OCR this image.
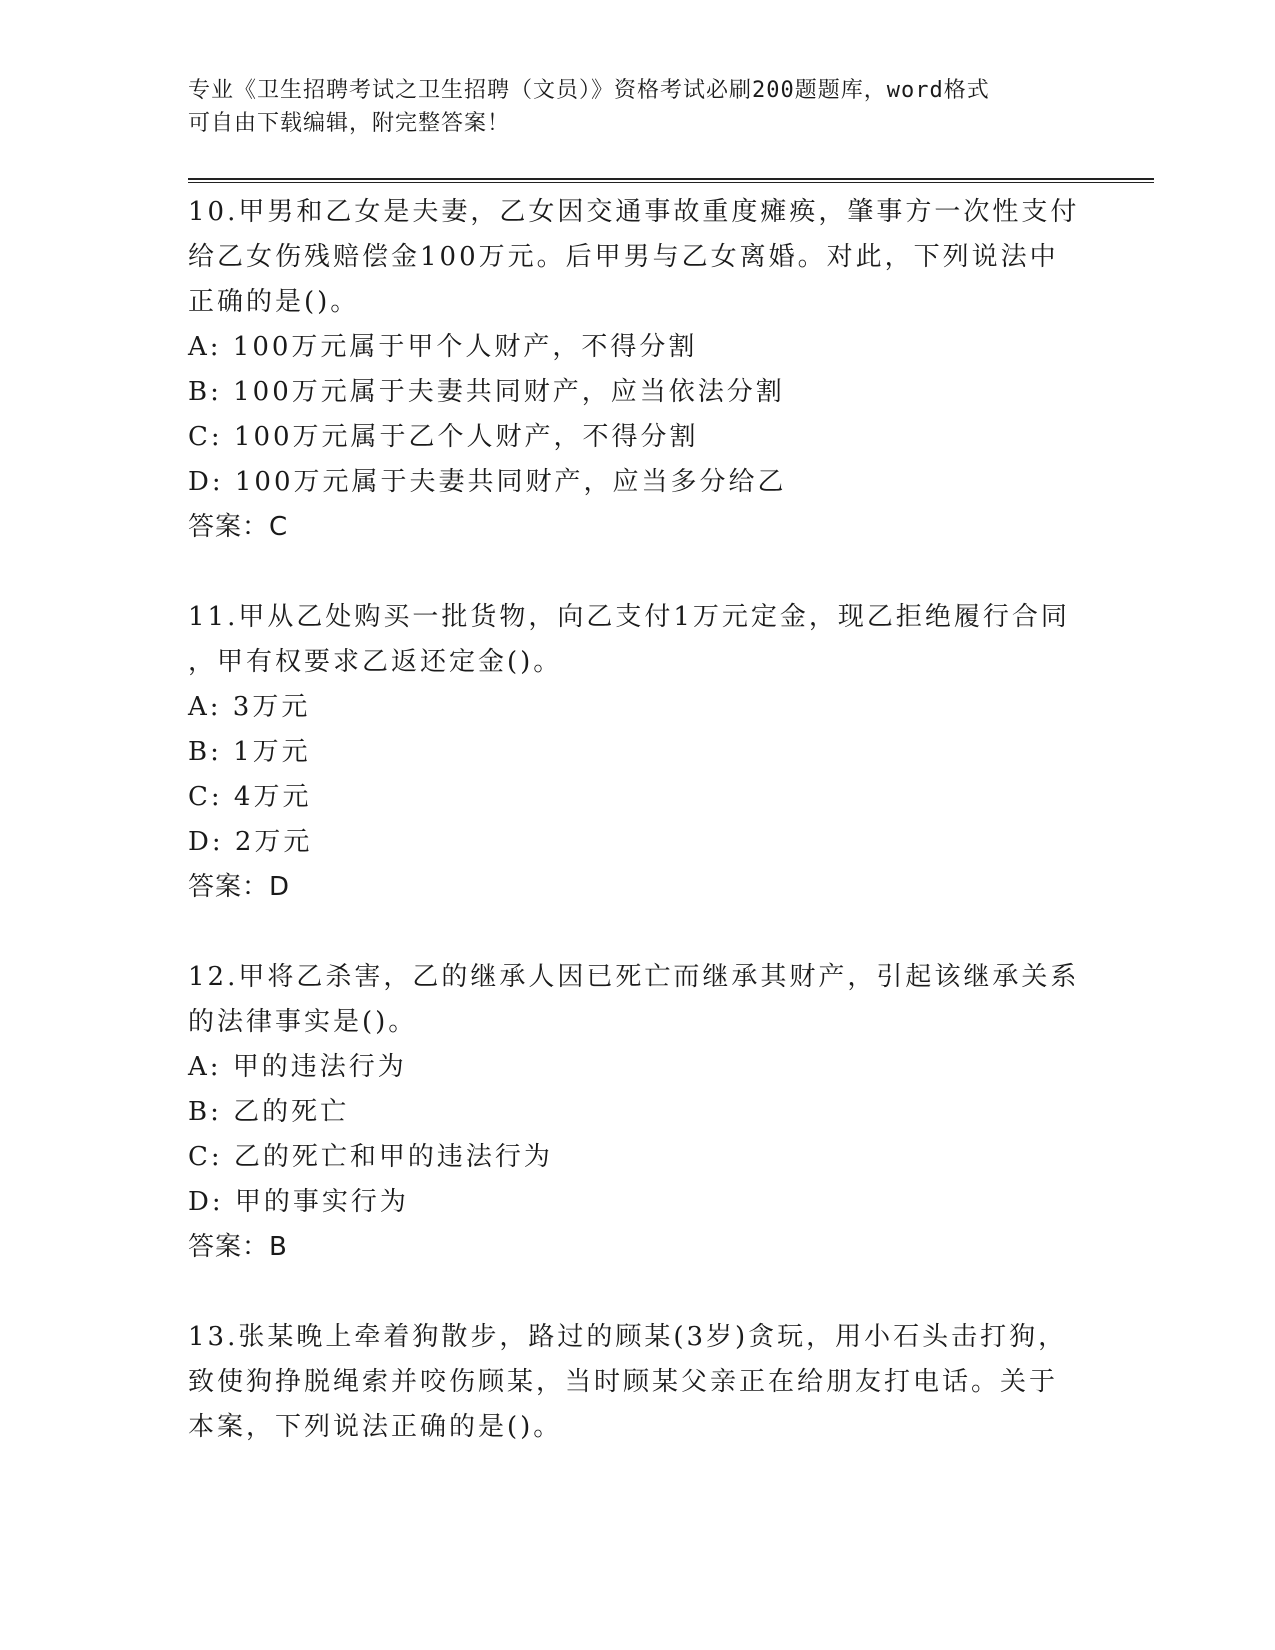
专业《卫生招聘考试之卫生招聘（文员）》资格考试必刷200题题库，word格式
可自由下载编辑，附完整答案！

10.甲男和乙女是夫妻，乙女因交通事故重度瘫痪，肇事方一次性支付

给乙女伤残赔偿金100万元。后甲男与乙女离婚。对此，下列说法中

正确的是()。

A: 100万元属于甲个人财产，不得分割

B: 100万元属于夫妻共同财产，应当依法分割

C: 100万元属于乙个人财产，不得分割

D: 100万元属于夫妻共同财产，应当多分给乙

答案：C

11.甲从乙处购买一批货物，向乙支付1万元定金，现乙拒绝履行合同

，甲有权要求乙返还定金()。

A: 3万元

B: 1万元

C: 4万元

D: 2万元

答案：D

12.甲将乙杀害，乙的继承人因已死亡而继承其财产，引起该继承关系

的法律事实是()。

A: 甲的违法行为

B: 乙的死亡

C: 乙的死亡和甲的违法行为

D: 甲的事实行为

答案：B

13.张某晚上牵着狗散步，路过的顾某(3岁)贪玩，用小石头击打狗，

致使狗挣脱绳索并咬伤顾某，当时顾某父亲正在给朋友打电话。关于

本案，下列说法正确的是()。
